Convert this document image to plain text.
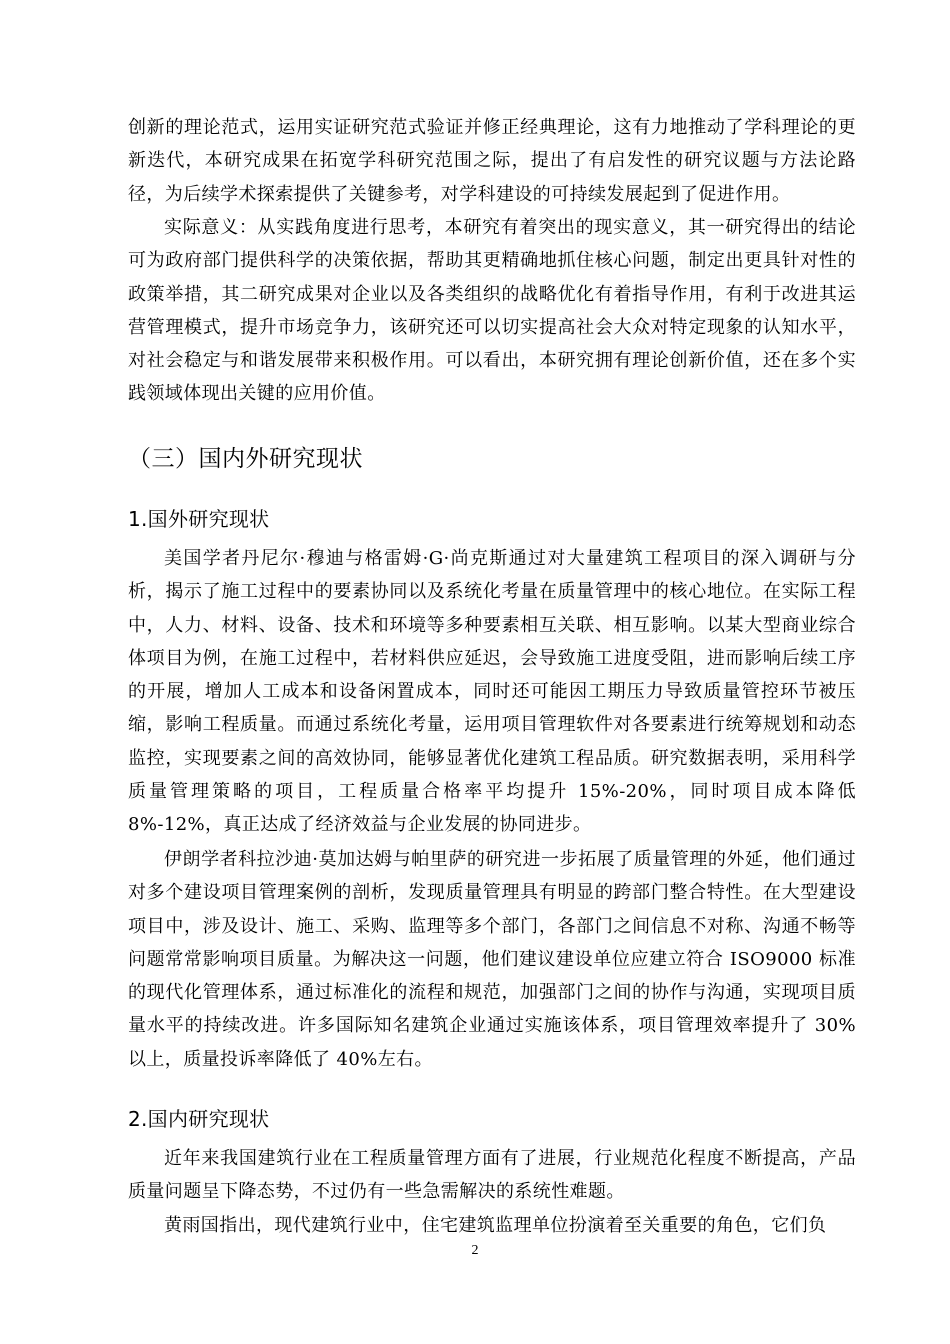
创新的理论范式，运用实证研究范式验证并修正经典理论，这有力地推动了学科理论的更新迭代，本研究成果在拓宽学科研究范围之际，提出了有启发性的研究议题与方法论路径，为后续学术探索提供了关键参考，对学科建设的可持续发展起到了促进作用。

实际意义：从实践角度进行思考，本研究有着突出的现实意义，其一研究得出的结论可为政府部门提供科学的决策依据，帮助其更精确地抓住核心问题，制定出更具针对性的政策举措，其二研究成果对企业以及各类组织的战略优化有着指导作用，有利于改进其运营管理模式，提升市场竞争力，该研究还可以切实提高社会大众对特定现象的认知水平，对社会稳定与和谐发展带来积极作用。可以看出，本研究拥有理论创新价值，还在多个实践领域体现出关键的应用价值。

（三）国内外研究现状
1.国外研究现状

美国学者丹尼尔·穆迪与格雷姆·G·尚克斯通过对大量建筑工程项目的深入调研与分析，揭示了施工过程中的要素协同以及系统化考量在质量管理中的核心地位。在实际工程中，人力、材料、设备、技术和环境等多种要素相互关联、相互影响。以某大型商业综合体项目为例，在施工过程中，若材料供应延迟，会导致施工进度受阻，进而影响后续工序的开展，增加人工成本和设备闲置成本，同时还可能因工期压力导致质量管控环节被压缩，影响工程质量。而通过系统化考量，运用项目管理软件对各要素进行统筹规划和动态监控，实现要素之间的高效协同，能够显著优化建筑工程品质。研究数据表明，采用科学质量管理策略的项目，工程质量合格率平均提升 15%-20%，同时项目成本降低 8%-12%，真正达成了经济效益与企业发展的协同进步。

伊朗学者科拉沙迪·莫加达姆与帕里萨的研究进一步拓展了质量管理的外延，他们通过对多个建设项目管理案例的剖析，发现质量管理具有明显的跨部门整合特性。在大型建设项目中，涉及设计、施工、采购、监理等多个部门，各部门之间信息不对称、沟通不畅等问题常常影响项目质量。为解决这一问题，他们建议建设单位应建立符合 ISO9000 标准的现代化管理体系，通过标准化的流程和规范，加强部门之间的协作与沟通，实现项目质量水平的持续改进。许多国际知名建筑企业通过实施该体系，项目管理效率提升了 30%以上，质量投诉率降低了 40%左右。

2.国内研究现状

近年来我国建筑行业在工程质量管理方面有了进展，行业规范化程度不断提高，产品质量问题呈下降态势，不过仍有一些急需解决的系统性难题。

黄雨国指出，现代建筑行业中，住宅建筑监理单位扮演着至关重要的角色，它们负

2
